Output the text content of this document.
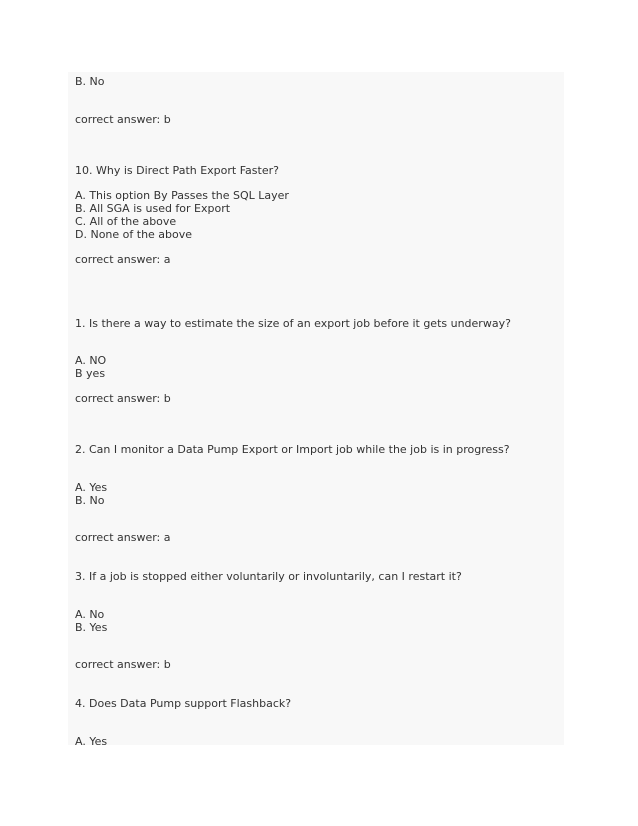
B. No

correct answer: b

10. Why is Direct Path Export Faster?

A. This option By Passes the SQL Layer

B. All SGA is used for Export

C. All of the above

D. None of the above

correct answer: a

1. Is there a way to estimate the size of an export job before it gets underway?

A. NO

B yes

correct answer: b

2. Can I monitor a Data Pump Export or Import job while the job is in progress?

A. Yes

B. No

correct answer: a

3. If a job is stopped either voluntarily or involuntarily, can I restart it?

A. No

B. Yes

correct answer: b

4. Does Data Pump support Flashback?

A. Yes
